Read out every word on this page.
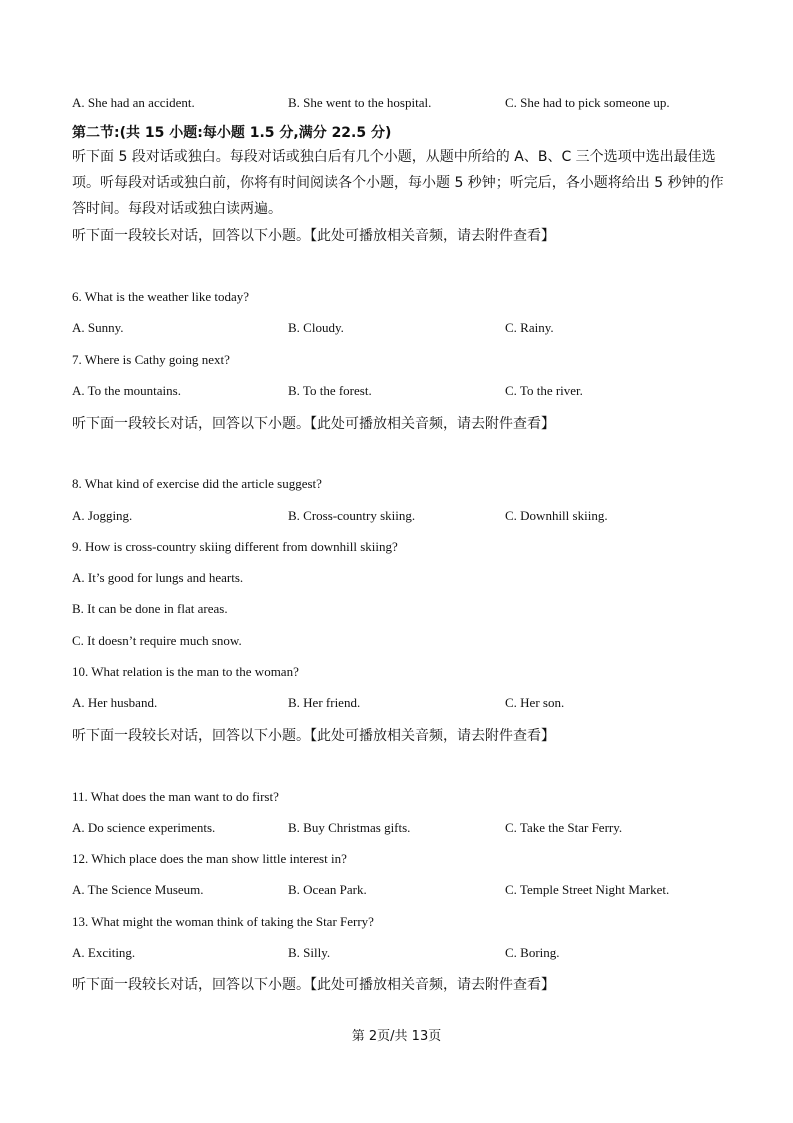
A. She had an accident.	B. She went to the hospital.	C. She had to pick someone up.
第二节:(共 15 小题:每小题 1.5 分,满分 22.5 分)
听下面 5 段对话或独白。每段对话或独白后有几个小题，从题中所给的 A、B、C 三个选项中选出最佳选项。听每段对话或独白前，你将有时间阅读各个小题，每小题 5 秒钟；听完后，各小题将给出 5 秒钟的作答时间。每段对话或独白读两遍。
听下面一段较长对话，回答以下小题。【此处可播放相关音频，请去附件查看】
6. What is the weather like today?
A. Sunny.	B. Cloudy.	C. Rainy.
7. Where is Cathy going next?
A. To the mountains.	B. To the forest.	C. To the river.
听下面一段较长对话，回答以下小题。【此处可播放相关音频，请去附件查看】
8. What kind of exercise did the article suggest?
A. Jogging.	B. Cross-country skiing.	C. Downhill skiing.
9. How is cross-country skiing different from downhill skiing?
A. It’s good for lungs and hearts.
B. It can be done in flat areas.
C. It doesn’t require much snow.
10. What relation is the man to the woman?
A. Her husband.	B. Her friend.	C. Her son.
听下面一段较长对话，回答以下小题。【此处可播放相关音频，请去附件查看】
11. What does the man want to do first?
A. Do science experiments.	B. Buy Christmas gifts.	C. Take the Star Ferry.
12. Which place does the man show little interest in?
A. The Science Museum.	B. Ocean Park.	C. Temple Street Night Market.
13. What might the woman think of taking the Star Ferry?
A. Exciting.	B. Silly.	C. Boring.
听下面一段较长对话，回答以下小题。【此处可播放相关音频，请去附件查看】
第 2页/共 13页
